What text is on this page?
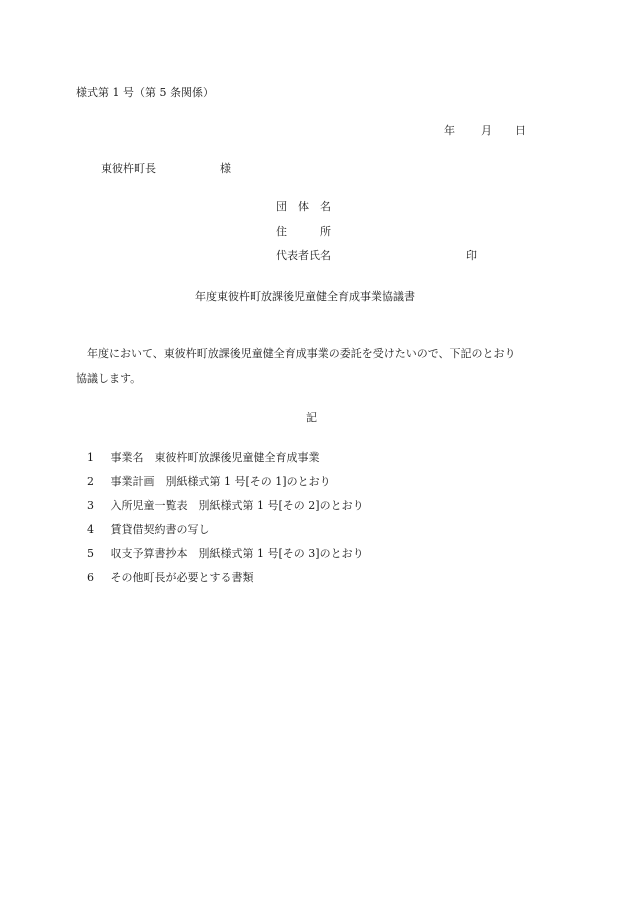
様式第 1 号（第 5 条関係）
年 月 日
東彼杵町長	様
団　体　名
住　　　所
代表者氏名	印
年度東彼杵町放課後児童健全育成事業協議書
年度において、東彼杵町放課後児童健全育成事業の委託を受けたいので、下記のとおり
協議します。
記
1 事業名　東彼杵町放課後児童健全育成事業
2 事業計画　別紙様式第 1 号[その 1]のとおり
3 入所児童一覧表　別紙様式第 1 号[その 2]のとおり
4 賃貸借契約書の写し
5 収支予算書抄本　別紙様式第 1 号[その 3]のとおり
6 その他町長が必要とする書類
